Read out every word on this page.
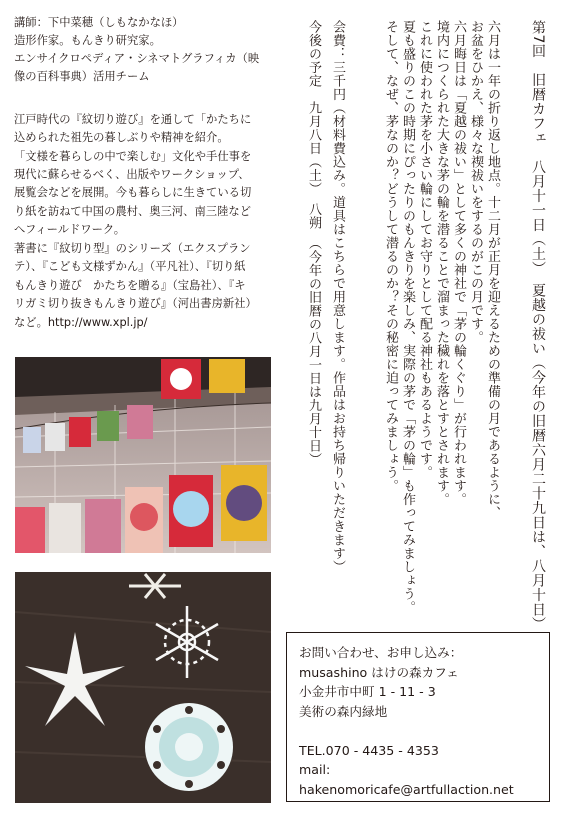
第7回　旧暦カフェ　八月十一日（土）　夏越の祓い（今年の旧暦六月二十九日は、八月十日）
六月は一年の折り返し地点。十二月が正月を迎えるための準備の月であるように、
お盆をひかえ、様々な禊祓いをするのがこの月です。
六月晦日は「夏越の祓い」として多くの神社で「茅の輪くぐり」が行われます。
境内につくられた大きな茅の輪を潜ることで溜まった穢れを落とすとされます。
これに使われた茅を小さい輪にしてお守りとして配る神社もあるようです。
夏も盛りのこの時期にぴったりのもんきりを楽しみ、実際の茅で「茅の輪」も作ってみましょう。
そして、なぜ、茅なのか？どうして潜るのか？その秘密に迫ってみましょう。
会費：三千円（材料費込み。道具はこちらで用意します。作品はお持ち帰りいただきます）
今後の予定　九月八日（土）　八朔　（今年の旧暦の八月一日は九月十日）
講師：下中菜穂（しもなかなほ）
造形作家。もんきり研究家。
エンサイクロペディア・シネマトグラフィカ（映
像の百科事典）活用チーム
江戸時代の『紋切り遊び』を通して「かたちに
込められた祖先の暮しぶりや精神を紹介。
「文様を暮らしの中で楽しむ」文化や手仕事を
現代に蘇らせるべく、出版やワークショップ、
展覧会などを展開。今も暮らしに生きている切
り紙を訪ねて中国の農村、奥三河、南三陸など
へフィールドワーク。
著書に『紋切り型』のシリーズ（エクスプラン
テ）、『こども文様ずかん』（平凡社）、『切り紙
もんきり遊び　かたちを贈る』（宝島社）、『キ
リガミ切り抜きもんきり遊び』（河出書房新社）
など。http://www.xpl.jp/
お問い合わせ、お申し込み：
musashino はけの森カフェ
小金井市中町 1 - 11 - 3
美術の森内緑地
TEL.070 - 4435 - 4353
mail:
hakenomoricafe@artfullaction.net
